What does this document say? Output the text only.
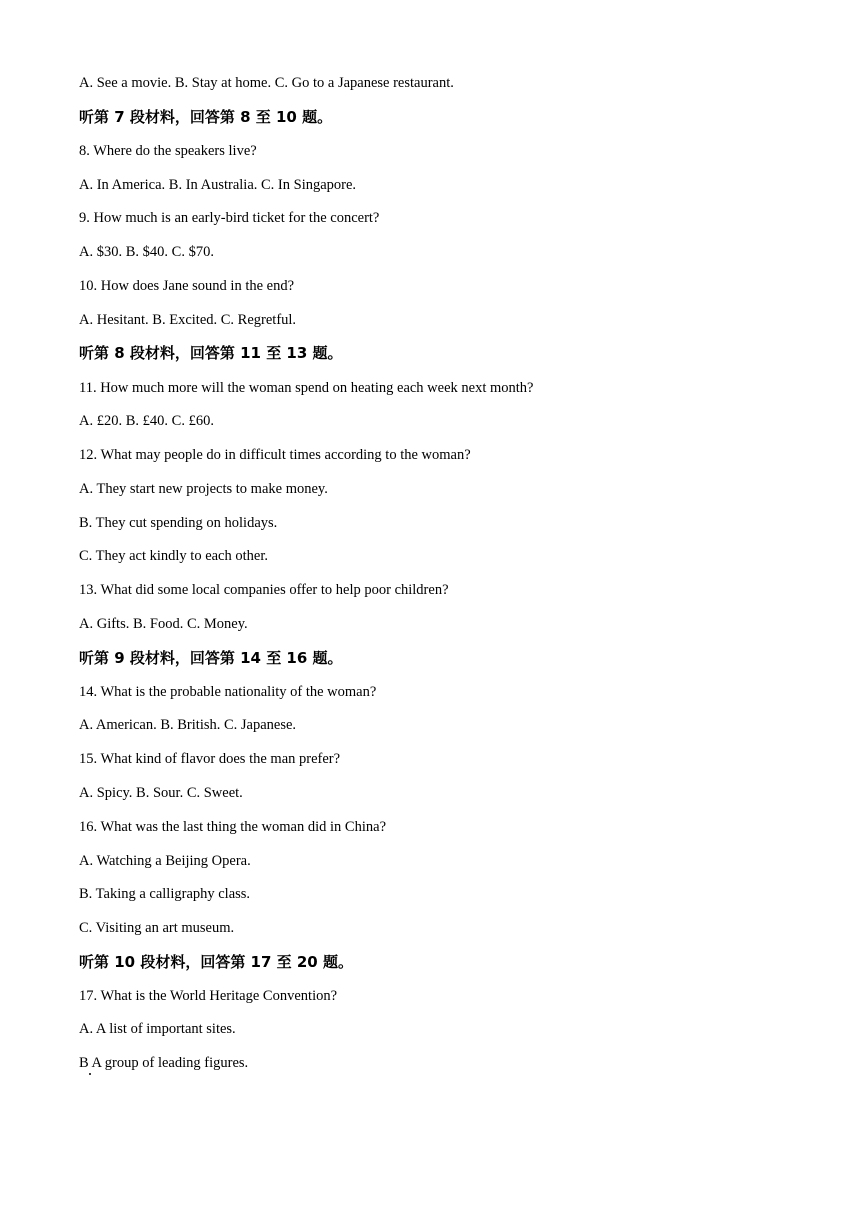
A. See a movie. B. Stay at home. C. Go to a Japanese restaurant.
听第 7 段材料，回答第 8 至 10 题。
8. Where do the speakers live?
A. In America. B. In Australia. C. In Singapore.
9. How much is an early-bird ticket for the concert?
A. $30. B. $40. C. $70.
10. How does Jane sound in the end?
A. Hesitant. B. Excited. C. Regretful.
听第 8 段材料，回答第 11 至 13 题。
11. How much more will the woman spend on heating each week next month?
A. £20. B. £40. C. £60.
12. What may people do in difficult times according to the woman?
A. They start new projects to make money.
B. They cut spending on holidays.
C. They act kindly to each other.
13. What did some local companies offer to help poor children?
A. Gifts. B. Food. C. Money.
听第 9 段材料，回答第 14 至 16 题。
14. What is the probable nationality of the woman?
A. American. B. British. C. Japanese.
15. What kind of flavor does the man prefer?
A. Spicy. B. Sour. C. Sweet.
16. What was the last thing the woman did in China?
A. Watching a Beijing Opera.
B. Taking a calligraphy class.
C. Visiting an art museum.
听第 10 段材料，回答第 17 至 20 题。
17. What is the World Heritage Convention?
A. A list of important sites.
B A group of leading figures.
